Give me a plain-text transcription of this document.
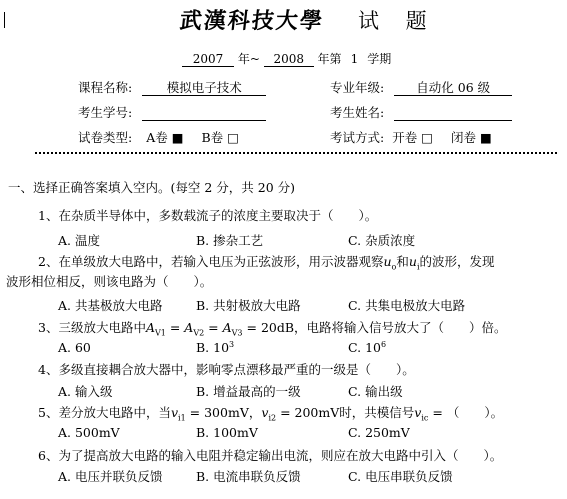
武漢科技大學 试 题
2007 年~ 2008 年第 1 学期
课程名称:	模拟电子技术	专业年级:	自动化 06 级
考生学号:	考生姓名:
试卷类型: A卷 ■ B卷 □	考试方式: 开卷 □ 闭卷 ■
一、选择正确答案填入空内。(每空 2 分，共 20 分)
1、在杂质半导体中，多数载流子的浓度主要取决于（　　）。
A. 温度	B. 掺杂工艺	C. 杂质浓度
2、在单级放大电路中，若输入电压为正弦波形，用示波器观察$u_o$和$u_i$的波形，发现
波形相位相反，则该电路为（　　）。
A. 共基极放大电路	B. 共射极放大电路	C. 共集电极放大电路
3、三级放大电路中$A_{V1} = A_{V2} = A_{V3} = 20dB$，电路将输入信号放大了（　　）倍。
A. 60	B. $10^3$	C. $10^6$
4、多级直接耦合放大器中，影响零点漂移最严重的一级是（　　）。
A. 输入级	B. 增益最高的一级	C. 输出级
5、差分放大电路中，当$v_{i1} = 300mV$，$v_{i2} = 200mV$时，共模信号$v_{ic}$ = （　　）。
A. 500mV	B. 100mV	C. 250mV
6、为了提高放大电路的输入电阻并稳定输出电流，则应在放大电路中引入（　　）。
A. 电压并联负反馈	B. 电流串联负反馈	C. 电压串联负反馈
